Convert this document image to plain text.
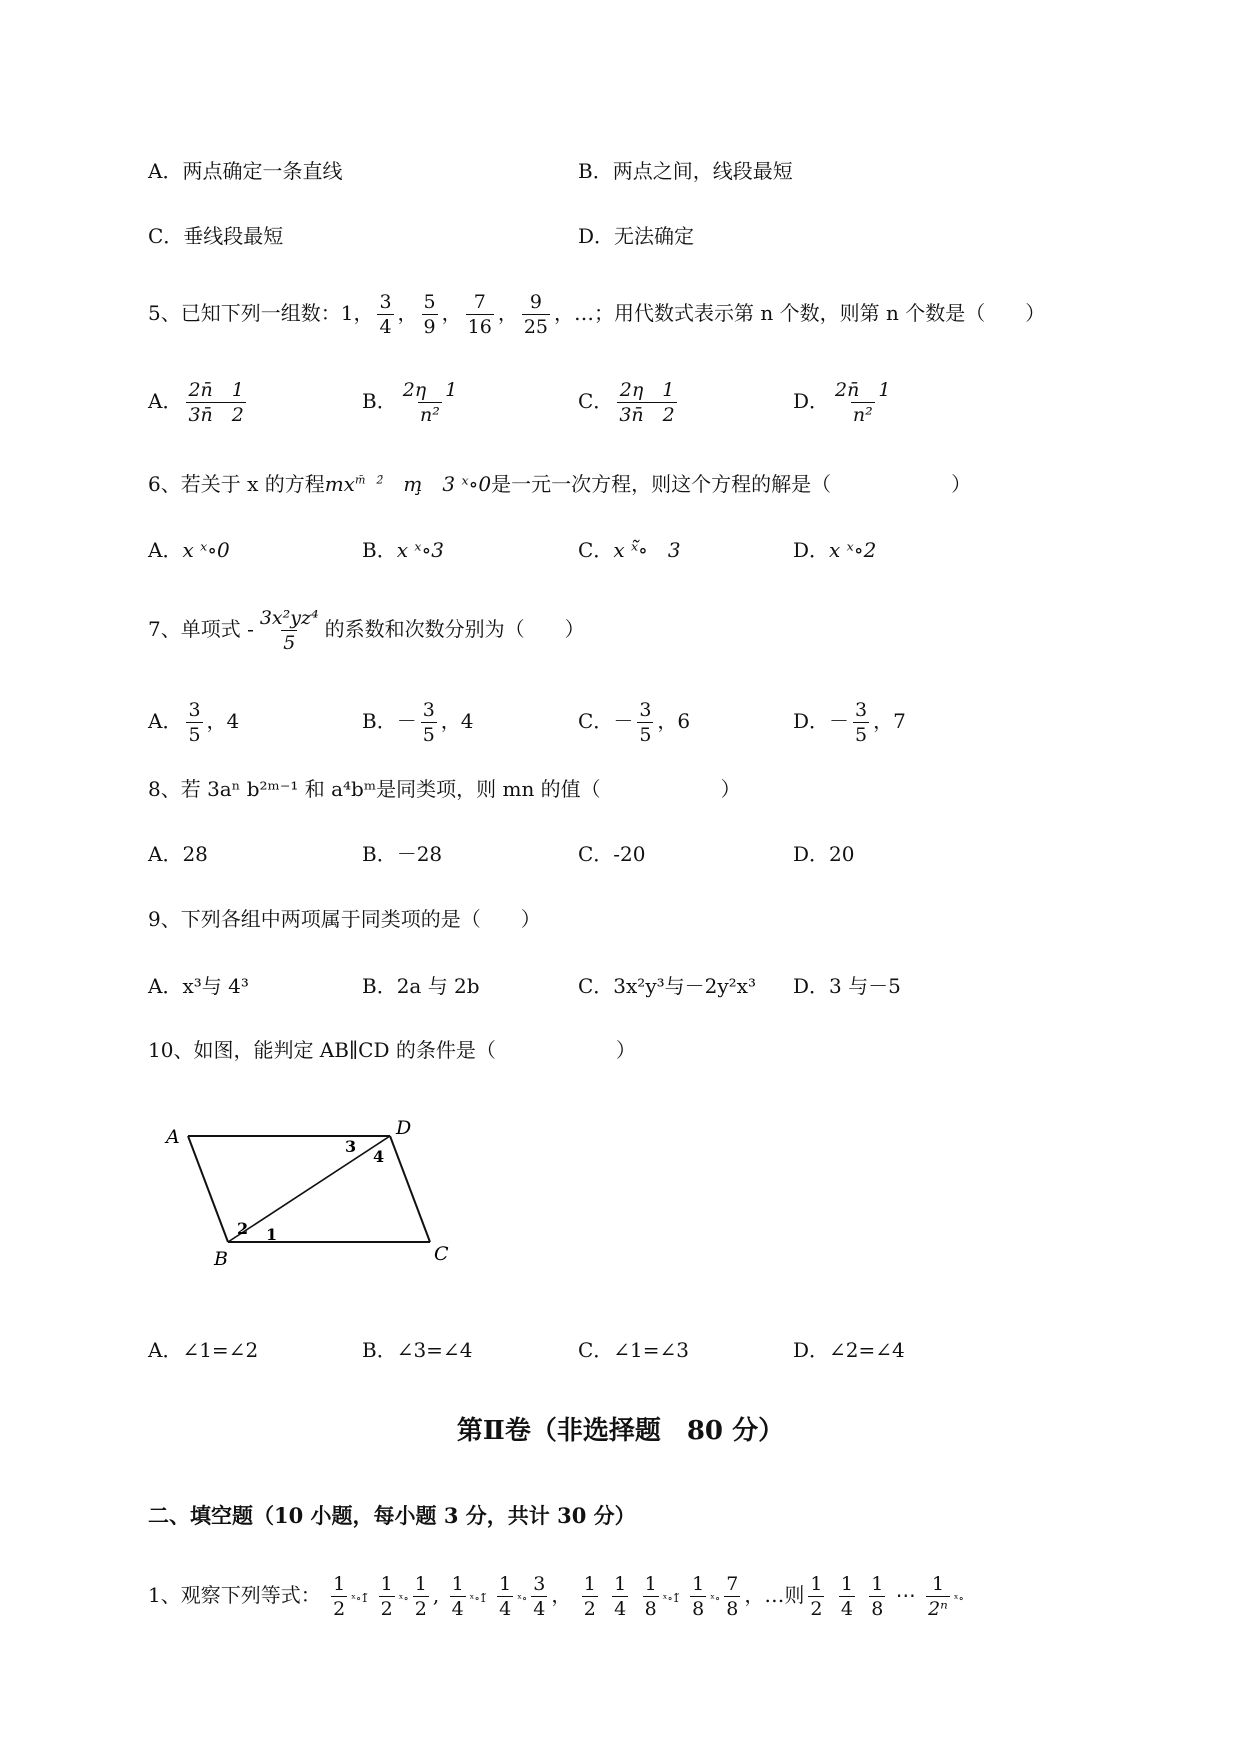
A．两点确定一条直线	B．两点之间，线段最短
C．垂线段最短	D．无法确定
5、已知下列一组数：1， $\frac{3}{4}$ ， $\frac{5}{9}$ ， $\frac{7}{16}$ ， $\frac{9}{25}$ ，…；用代数式表示第 n 个数，则第 n 个数是（　　）
A． $\frac{2n̄ 1}{3n̄ 2}$	B． $\frac{2\eta 1}{\text{n²}}$	C． $\frac{2\eta 1}{3n̄ 2}$	D． $\frac{2n̄ 1}{\text{n²}}$
6、若关于 x 的方程$mx^{m̄ 2̄}$　m̧　3 ˣ∘0是一元一次方程，则这个方程的解是（　　　　　　）
A．x ˣ∘0	B．x ˣ∘3	C．x ˣ̃∘　3	D．x ˣ∘2
7、单项式 - $\frac{\text{3x²yz⁴}}{5}$ 的系数和次数分别为（　　）
A． $\frac{3}{5}$ ，4	B．－ $\frac{3}{5}$ ，4	C．－ $\frac{3}{5}$ ，6	D．－ $\frac{3}{5}$ ，7
8、若 3aⁿ b²ᵐ⁻¹ 和 a⁴bᵐ是同类项，则 mn 的值（　　　　　　）
A．28	B．－28	C．-20	D．20
9、下列各组中两项属于同类项的是（　　）
A．x³与 4³	B．2a 与 2b	C．3x²y³与－2y²x³ D．3 与－5
10、如图，能判定 AB∥CD 的条件是（　　　　　　）
A	D
B	C
1
2
3
4
A．∠1=∠2	B．∠3=∠4	C．∠1=∠3	D．∠2=∠4
第Ⅱ卷（非选择题　80 分）
二、填空题（10 小题，每小题 3 分，共计 30 分）
1、观察下列等式： $\frac{1}{2}$ ˣ∘1̃ $\frac{1}{2}$ ˣ∘ $\frac{1}{2}$ , $\frac{1}{4}$ ˣ∘1̃ $\frac{1}{4}$ ˣ∘ $\frac{3}{4}$ ， $\frac{1}{2}$
$\frac{1}{4}$
$\frac{1}{8}$ ˣ∘1̃ $\frac{1}{8}$ ˣ∘ $\frac{7}{8}$ ，…则 $\frac{1}{2}$
$\frac{1}{4}$
$\frac{1}{8}$ ⋯ $\frac{1}{\text{2ⁿ}}$ ˣ∘
